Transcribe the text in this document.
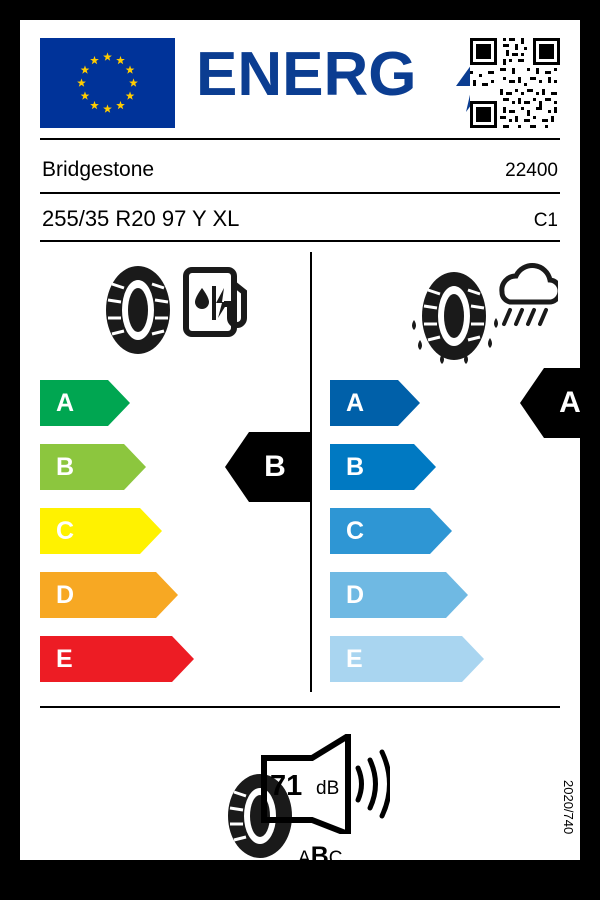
ENERG
Bridgestone	22400
255/35 R20 97 Y XL	C1
A
B
C
D
E
A
B
C
D
E
B
A
71 dB
ABC
2020/740
